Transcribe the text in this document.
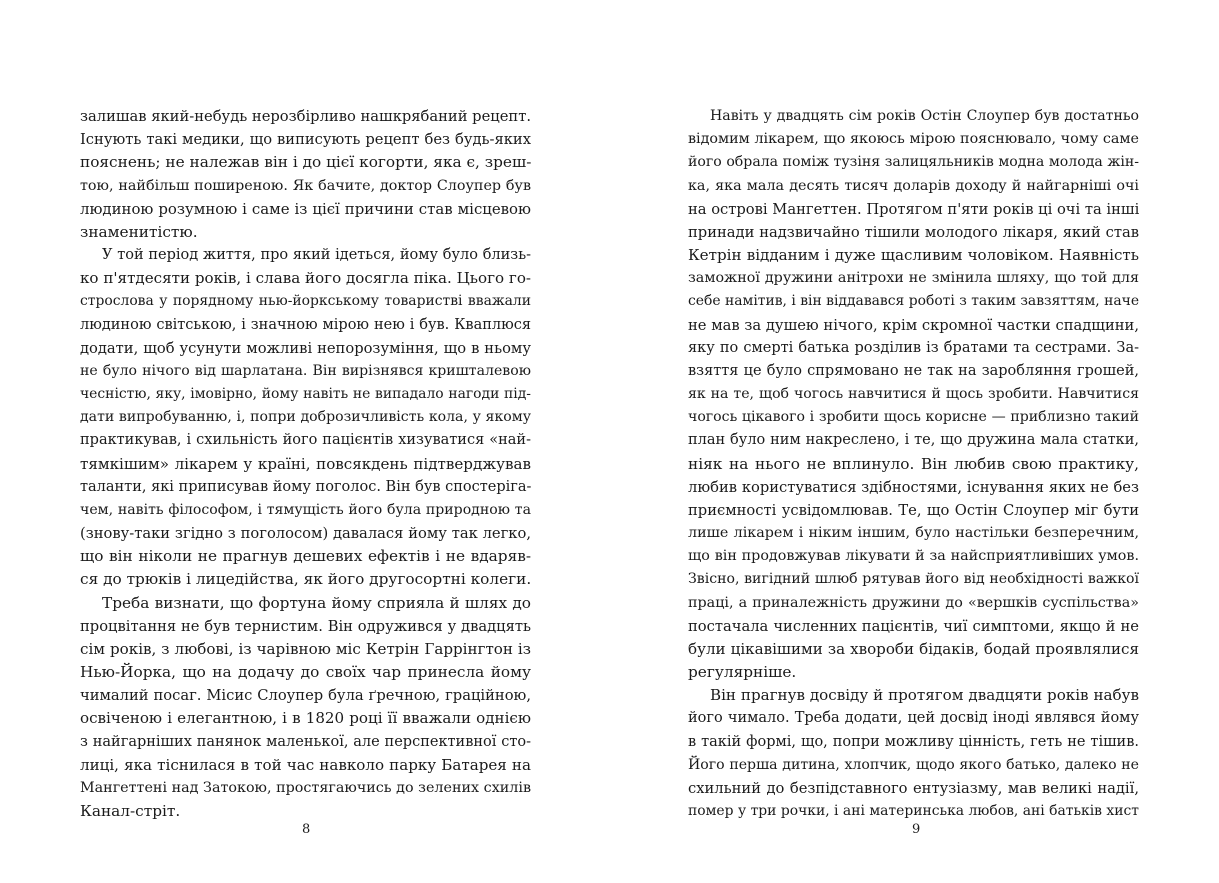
залишав який-небудь нерозбірливо нашкрябаний рецепт.
Існують такі медики, що виписують рецепт без будь-яких
пояснень; не належав він і до цієї когорти, яка є, зреш-
тою, найбільш поширеною. Як бачите, доктор Слоупер був
людиною розумною і саме із цієї причини став місцевою
знаменитістю.
У той період життя, про який ідеться, йому було близь-
ко п'ятдесяти років, і слава його досягла піка. Цього го-
строслова у порядному нью-йоркському товаристві вважали
людиною світською, і значною мірою нею і був. Кваплюся
додати, щоб усунути можливі непорозуміння, що в ньому
не було нічого від шарлатана. Він вирізнявся кришталевою
чесністю, яку, імовірно, йому навіть не випадало нагоди під-
дати випробуванню, і, попри доброзичливість кола, у якому
практикував, і схильність його пацієнтів хизуватися «най-
тямкішим» лікарем у країні, повсякдень підтверджував
таланти, які приписував йому поголос. Він був спостеріга-
чем, навіть філософом, і тямущість його була природною та
(знову-таки згідно з поголосом) давалася йому так легко,
що він ніколи не прагнув дешевих ефектів і не вдаряв-
ся до трюків і лицедійства, як його другосортні колеги.
Треба визнати, що фортуна йому сприяла й шлях до
процвітання не був тернистим. Він одружився у двадцять
сім років, з любові, із чарівною міс Кетрін Гаррінгтон із
Нью-Йорка, що на додачу до своїх чар принесла йому
чималий посаг. Місис Слоупер була ґречною, граційною,
освіченою і елегантною, і в 1820 році її вважали однією
з найгарніших панянок маленької, але перспективної сто-
лиці, яка тіснилася в той час навколо парку Батарея на
Мангеттені над Затокою, простягаючись до зелених схилів
Канал-стріт.
8
Навіть у двадцять сім років Остін Слоупер був достатньо
відомим лікарем, що якоюсь мірою пояснювало, чому саме
його обрала поміж тузіня залицяльників модна молода жін-
ка, яка мала десять тисяч доларів доходу й найгарніші очі
на острові Мангеттен. Протягом п'яти років ці очі та інші
принади надзвичайно тішили молодого лікаря, який став
Кетрін відданим і дуже щасливим чоловіком. Наявність
заможної дружини анітрохи не змінила шляху, що той для
себе намітив, і він віддавався роботі з таким завзяттям, наче
не мав за душею нічого, крім скромної частки спадщини,
яку по смерті батька розділив із братами та сестрами. За-
взяття це було спрямовано не так на заробляння грошей,
як на те, щоб чогось навчитися й щось зробити. Навчитися
чогось цікавого і зробити щось корисне — приблизно такий
план було ним накреслено, і те, що дружина мала статки,
ніяк на нього не вплинуло. Він любив свою практику,
любив користуватися здібностями, існування яких не без
приємності усвідомлював. Те, що Остін Слоупер міг бути
лише лікарем і ніким іншим, було настільки безперечним,
що він продовжував лікувати й за найсприятливіших умов.
Звісно, вигідний шлюб рятував його від необхідності важкої
праці, а приналежність дружини до «вершків суспільства»
постачала численних пацієнтів, чиї симптоми, якщо й не
були цікавішими за хвороби бідаків, бодай проявлялися
регулярніше.
Він прагнув досвіду й протягом двадцяти років набув
його чимало. Треба додати, цей досвід іноді являвся йому
в такій формі, що, попри можливу цінність, геть не тішив.
Його перша дитина, хлопчик, щодо якого батько, далеко не
схильний до безпідставного ентузіазму, мав великі надії,
помер у три рочки, і ані материнська любов, ані батьків хист
9
